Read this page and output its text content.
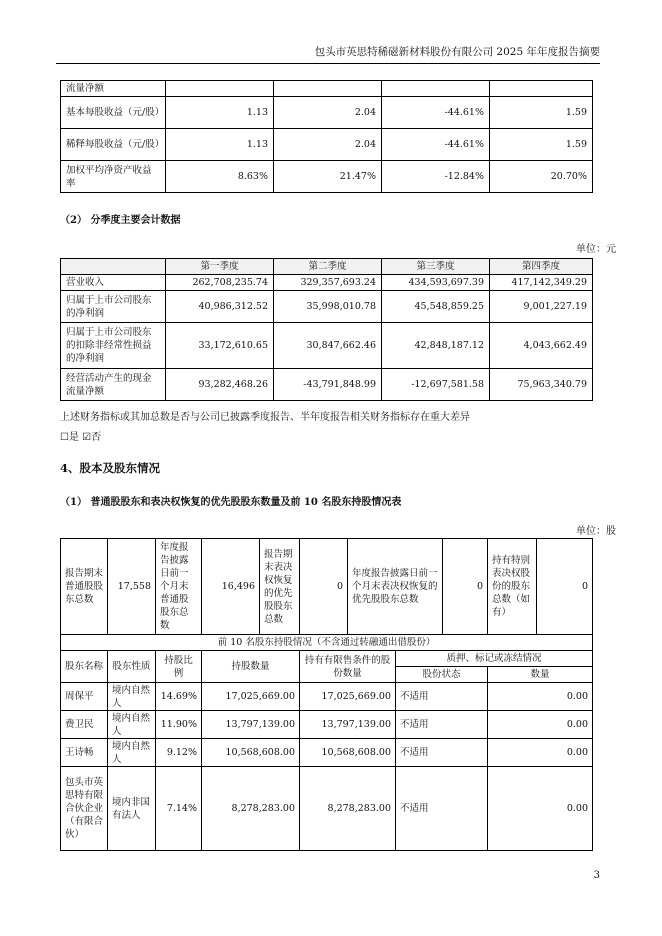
包头市英思特稀磁新材料股份有限公司 2025 年年度报告摘要
流量净额				
基本每股收益（元/股）	1.13	2.04	-44.61%	1.59
稀释每股收益（元/股）	1.13	2.04	-44.61%	1.59
加权平均净资产收益率	8.63%	21.47%	-12.84%	20.70%
（2） 分季度主要会计数据
单位：元
	第一季度	第二季度	第三季度	第四季度
营业收入	262,708,235.74	329,357,693.24	434,593,697.39	417,142,349.29
归属于上市公司股东的净利润	40,986,312.52	35,998,010.78	45,548,859.25	9,001,227.19
归属于上市公司股东的扣除非经常性损益的净利润	33,172,610.65	30,847,662.46	42,848,187.12	4,043,662.49
经营活动产生的现金流量净额	93,282,468.26	-43,791,848.99	-12,697,581.58	75,963,340.79
上述财务指标或其加总数是否与公司已披露季度报告、半年度报告相关财务指标存在重大差异
☐是 ☑否
4、股本及股东情况
（1） 普通股股东和表决权恢复的优先股股东数量及前 10 名股东持股情况表
单位：股
报告期末普通股股东总数	17,558	年度报告披露日前一个月末普通股股东总数	16,496	报告期末表决权恢复的优先股股东总数	0	年度报告披露日前一个月末表决权恢复的优先股股东总数		0	持有特别表决权股份的股东总数（如有）	0
前 10 名股东持股情况（不含通过转融通出借股份）										
股东名称	股东性质	持股比例	持股数量		持有有限售条件的股份数量		质押、标记或冻结情况			
							股份状态		数量	
周保平	境内自然人	14.69%	17,025,669.00		17,025,669.00		不适用		0.00	
费卫民	境内自然人	11.90%	13,797,139.00		13,797,139.00		不适用		0.00	
王诗畅	境内自然人	9.12%	10,568,608.00		10,568,608.00		不适用		0.00	
包头市英思特有限合伙企业（有限合伙）	境内非国有法人	7.14%	8,278,283.00		8,278,283.00		不适用		0.00	
3
